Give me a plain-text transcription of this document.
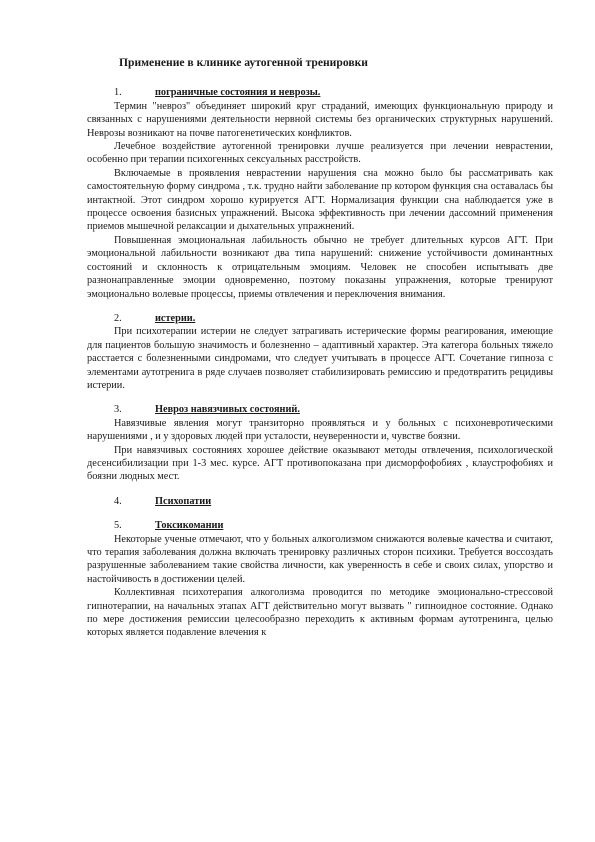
Применение в клинике аутогенной тренировки
1.	пограничные состояния и неврозы.

Термин "невроз" объединяет широкий круг страданий, имеющих функциональную природу и связанных с нарушениями деятельности нервной системы без органических структурных нарушений. Неврозы возникают на почве патогенетических конфликтов.

Лечебное воздействие аутогенной тренировки лучше реализуется при лечении неврастении, особенно при терапии психогенных сексуальных расстройств.

Включаемые в проявления неврастении нарушения сна можно было бы рассматривать как самостоятельную форму синдрома , т.к. трудно найти заболевание пр котором функция сна оставалась бы интактной. Этот синдром хорошо курируется АГТ. Нормализация функции сна наблюдается уже в процессе освоения базисных упражнений. Высока эффективность при лечении дассомний применения приемов мышечной релаксации и дыхательных упражнений.

Повышенная эмоциональная лабильность обычно не требует длительных курсов АГТ. При эмоциональной лабильности возникают два типа нарушений: снижение устойчивости доминантных состояний и склонность к отрицательным эмоциям. Человек не способен испытывать две разнонаправленные эмоции одновременно, поэтому показаны упражнения, которые тренируют эмоционально волевые процессы, приемы отвлечения и переключения внимания.

2.	истерии.

При психотерапии истерии не следует затрагивать истерические формы реагирования, имеющие для пациентов большую значимость и болезненно – адаптивный характер. Эта категора больных тяжело расстается с болезненными синдромами, что следует учитывать в процессе АГТ. Сочетание гипноза с элементами аутотренига в ряде случаев позволяет стабилизировать ремиссию и предотвратить рецидивы истерии.

3.	Невроз навязчивых состояний.

Навязчивые явления могут транзиторно проявляться и у больных с психоневротическими нарушениями , и у здоровых людей при усталости, неуверенности и, чувстве боязни.

При навязчивых состояниях хорошее действие оказывают методы отвлечения, психологической десенсибилизации при 1-3 мес. курсе. АГТ противопоказана при дисморфофобиях , клаустрофобиях и боязни людных мест.

4.	Психопатии
5.	Токсикомании

Некоторые ученые отмечают, что у больных алкоголизмом снижаются волевые качества и считают, что терапия заболевания должна включать тренировку различных сторон психики. Требуется воссоздать разрушенные заболеванием такие свойства личности, как уверенность в себе и своих силах, упорство и настойчивость в достижении целей.

Коллективная психотерапия алкоголизма проводится по методике эмоционально-стрессовой гипнотерапии, на начальных этапах АГТ действительно могут вызвать " гипноидное состояние. Однако по мере достижения ремиссии целесообразно переходить к активным формам аутотренинга, целью которых является подавление влечения к
